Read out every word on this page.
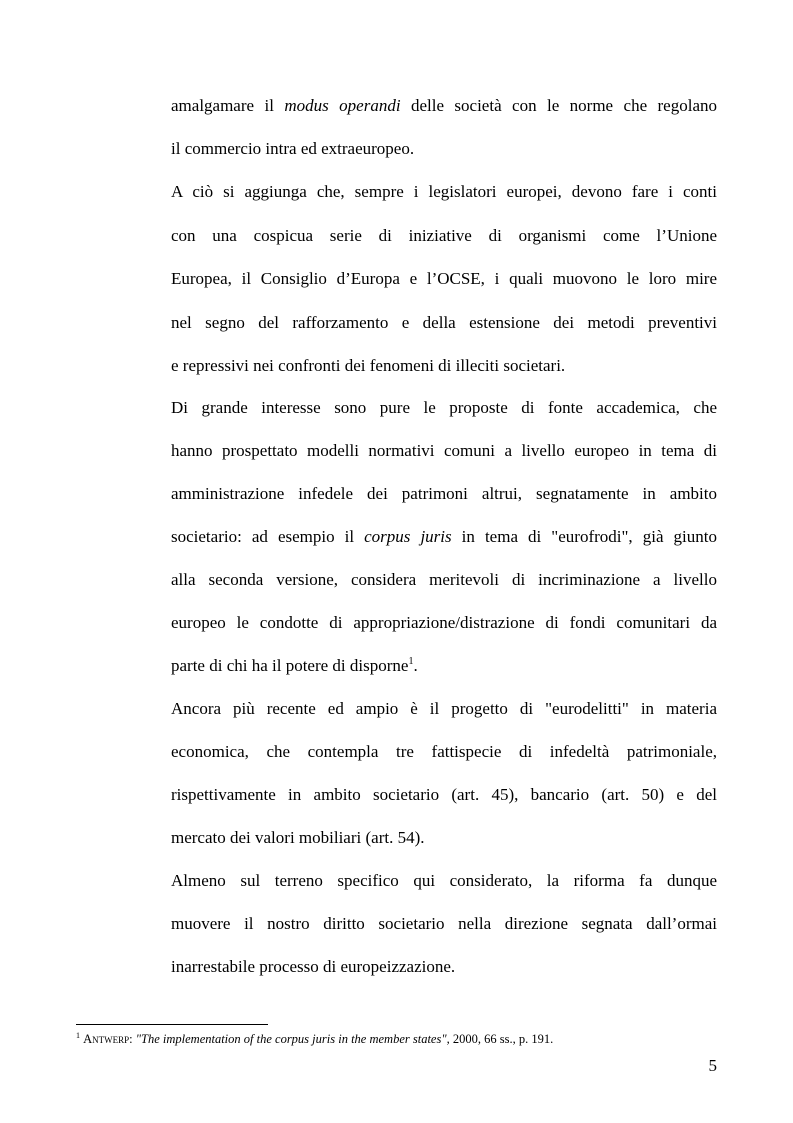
amalgamare il modus operandi delle società con le norme che regolano
il commercio intra ed extraeuropeo.
A ciò si aggiunga che, sempre i legislatori europei, devono fare i conti
con una cospicua serie di iniziative di organismi come l’Unione
Europea, il Consiglio d’Europa e l’OCSE, i quali muovono le loro mire
nel segno del rafforzamento e della estensione dei metodi preventivi
e repressivi nei confronti dei fenomeni di illeciti societari.
Di grande interesse sono pure le proposte di fonte accademica, che
hanno prospettato modelli normativi comuni a livello europeo in tema di
amministrazione infedele dei patrimoni altrui, segnatamente in ambito
societario: ad esempio il corpus juris in tema di "eurofrodi", già giunto
alla seconda versione, considera meritevoli di incriminazione a livello
europeo le condotte di appropriazione/distrazione di fondi comunitari da
parte di chi ha il potere di disporne$^1$.
Ancora più recente ed ampio è il progetto di "eurodelitti" in materia
economica, che contempla tre fattispecie di infedeltà patrimoniale,
rispettivamente in ambito societario (art. 45), bancario (art. 50) e del
mercato dei valori mobiliari (art. 54).
Almeno sul terreno specifico qui considerato, la riforma fa dunque
muovere il nostro diritto societario nella direzione segnata dall’ormai
inarrestabile processo di europeizzazione.
$^1$ Antwerp: "The implementation of the corpus juris in the member states", 2000, 66 ss., p. 191.
5
